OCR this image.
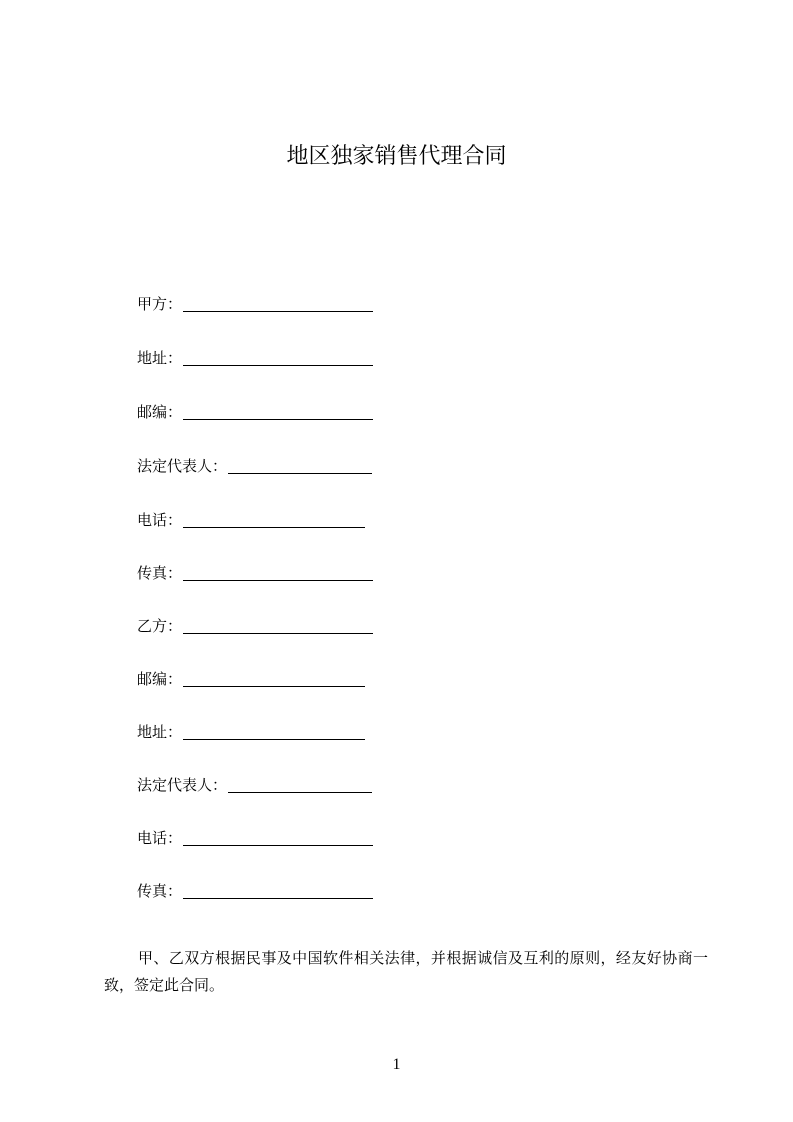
地区独家销售代理合同
甲方：
地址：
邮编：
法定代表人：
电话：
传真：
乙方：
邮编：
地址：
法定代表人：
电话：
传真：

甲、乙双方根据民事及中国软件相关法律，并根据诚信及互利的原则，经友好协商一致，签定此合同。

1
